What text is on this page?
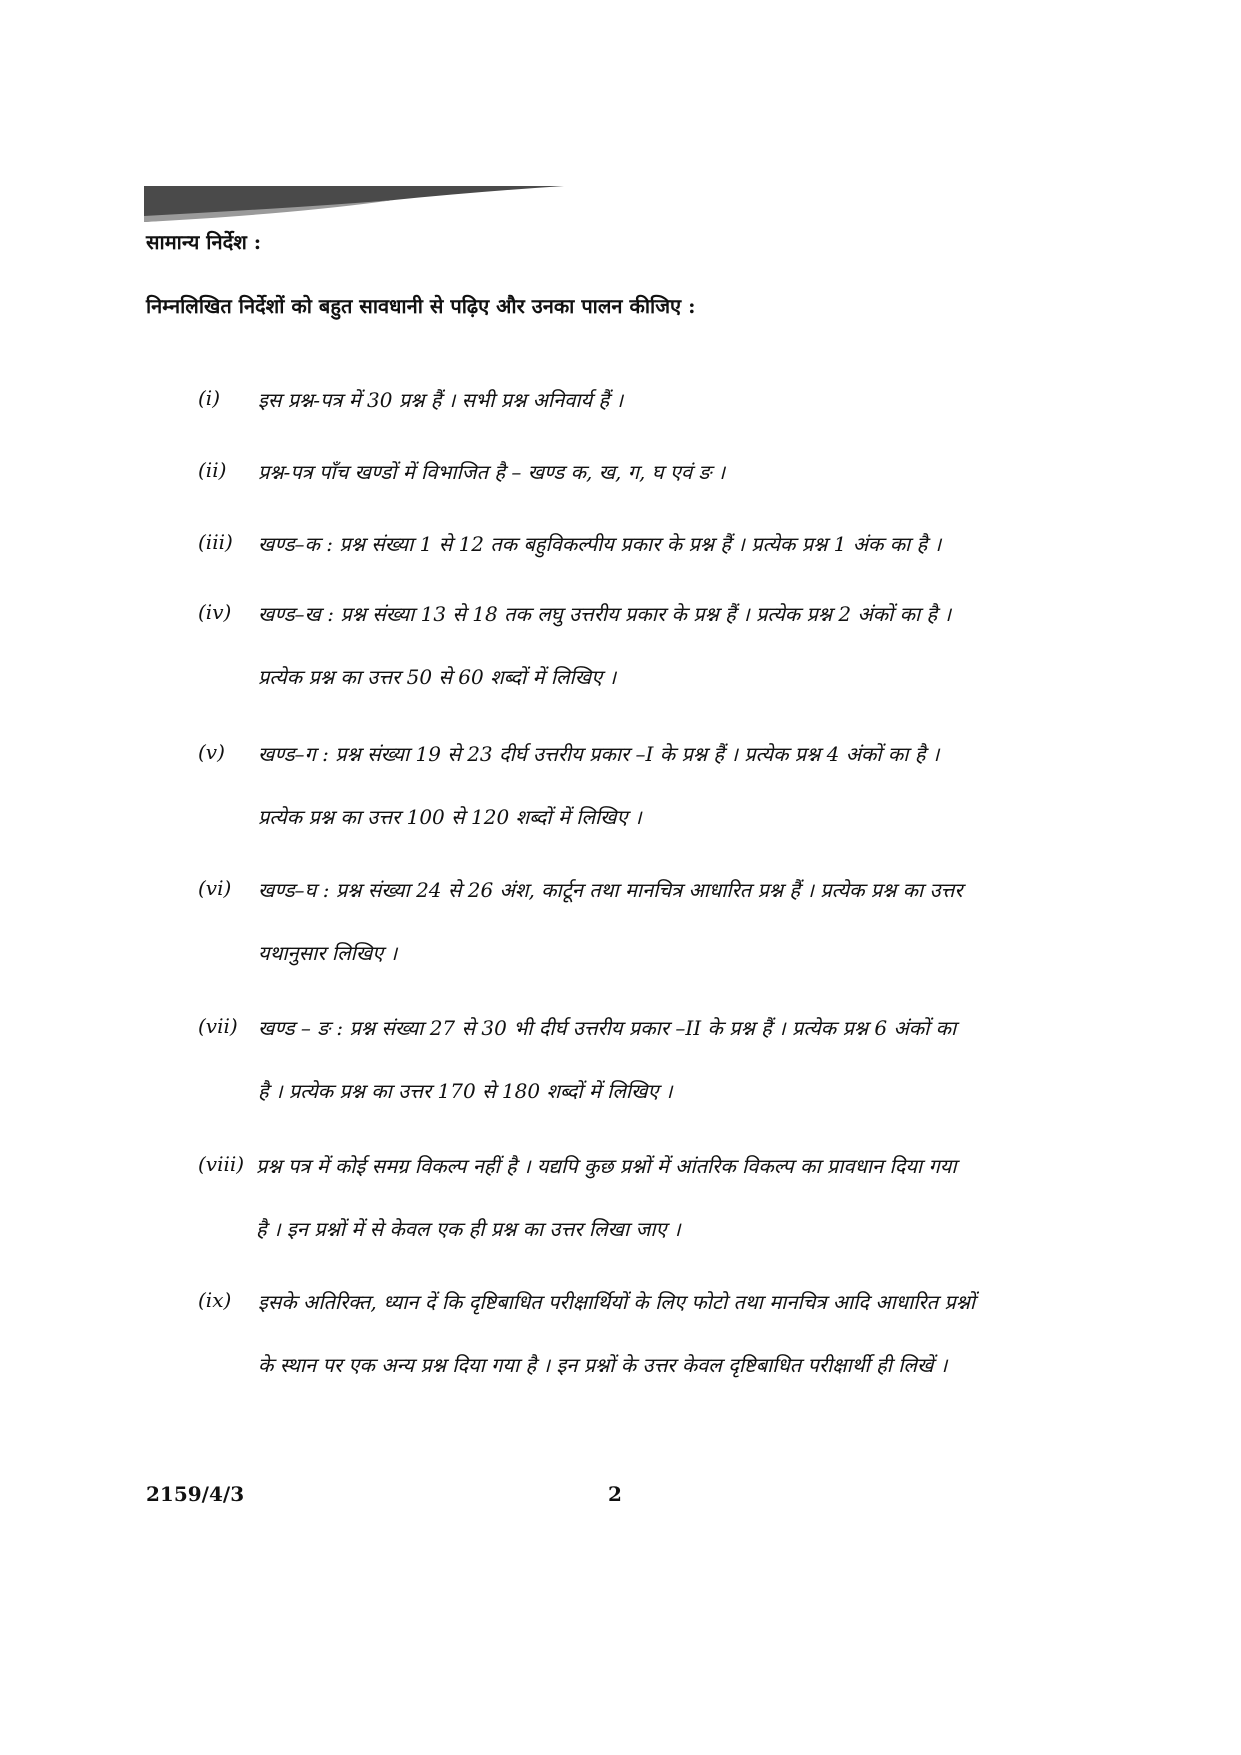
सामान्य निर्देश :
निम्नलिखित निर्देशों को बहुत सावधानी से पढ़िए और उनका पालन कीजिए :
(i) इस प्रश्न-पत्र में 30 प्रश्न हैं । सभी प्रश्न अनिवार्य हैं ।
(ii) प्रश्न-पत्र पाँच खण्डों में विभाजित है – खण्ड क, ख, ग, घ एवं ङ ।
(iii) खण्ड–क : प्रश्न संख्या 1 से 12 तक बहुविकल्पीय प्रकार के प्रश्न हैं । प्रत्येक प्रश्न 1 अंक का है ।
(iv) खण्ड–ख : प्रश्न संख्या 13 से 18 तक लघु उत्तरीय प्रकार के प्रश्न हैं । प्रत्येक प्रश्न 2 अंकों का है ।
प्रत्येक प्रश्न का उत्तर 50 से 60 शब्दों में लिखिए ।
(v) खण्ड–ग : प्रश्न संख्या 19 से 23 दीर्घ उत्तरीय प्रकार –I के प्रश्न हैं । प्रत्येक प्रश्न 4 अंकों का है ।
प्रत्येक प्रश्न का उत्तर 100 से 120 शब्दों में लिखिए ।
(vi) खण्ड–घ : प्रश्न संख्या 24 से 26 अंश, कार्टून तथा मानचित्र आधारित प्रश्न हैं । प्रत्येक प्रश्न का उत्तर
यथानुसार लिखिए ।
(vii) खण्ड – ङ : प्रश्न संख्या 27 से 30 भी दीर्घ उत्तरीय प्रकार –II के प्रश्न हैं । प्रत्येक प्रश्न 6 अंकों का
है । प्रत्येक प्रश्न का उत्तर 170 से 180 शब्दों में लिखिए ।
(viii) प्रश्न पत्र में कोई समग्र विकल्प नहीं है । यद्यपि कुछ प्रश्नों में आंतरिक विकल्प का प्रावधान दिया गया
है । इन प्रश्नों में से केवल एक ही प्रश्न का उत्तर लिखा जाए ।
(ix) इसके अतिरिक्त, ध्यान दें कि दृष्टिबाधित परीक्षार्थियों के लिए फोटो तथा मानचित्र आदि आधारित प्रश्नों
के स्थान पर एक अन्य प्रश्न दिया गया है । इन प्रश्नों के उत्तर केवल दृष्टिबाधित परीक्षार्थी ही लिखें ।
2159/4/3	2
